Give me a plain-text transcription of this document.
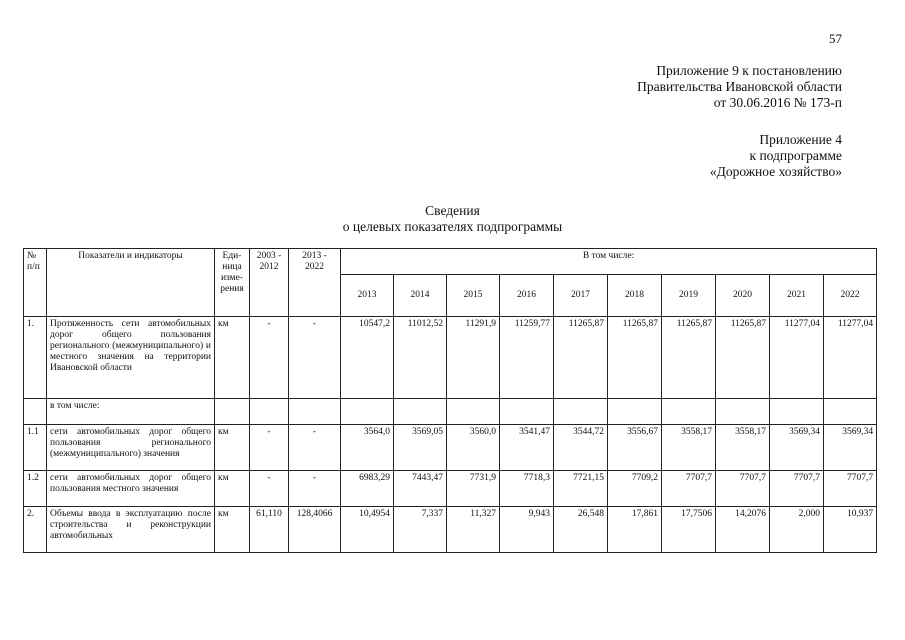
57
Приложение 9 к постановлению
Правительства Ивановской области
от 30.06.2016 № 173-п
Приложение 4
к подпрограмме
«Дорожное хозяйство»
Сведения
о целевых показателях подпрограммы
№ п/п	Показатели и индикаторы	Еди-ница изме-рения	2003 - 2012	2013 - 2022	В том числе:									
					2013	2014	2015	2016	2017	2018	2019	2020	2021	2022
1.	Протяженность сети автомобильных дорог общего пользования регионального (межмуниципального) и местного значения на территории Ивановской области	км	-	-	10547,2	11012,52	11291,9	11259,77	11265,87	11265,87	11265,87	11265,87	11277,04	11277,04
	в том числе:													
1.1	сети автомобильных дорог общего пользования регионального (межмуниципального) значения	км	-	-	3564,0	3569,05	3560,0	3541,47	3544,72	3556,67	3558,17	3558,17	3569,34	3569,34
1.2	сети автомобильных дорог общего пользования местного значения	км	-	-	6983,29	7443,47	7731,9	7718,3	7721,15	7709,2	7707,7	7707,7	7707,7	7707,7
2.	Объемы ввода в эксплуатацию после строительства и реконструкции автомобильных	км	61,110	128,4066	10,4954	7,337	11,327	9,943	26,548	17,861	17,7506	14,2076	2,000	10,937
